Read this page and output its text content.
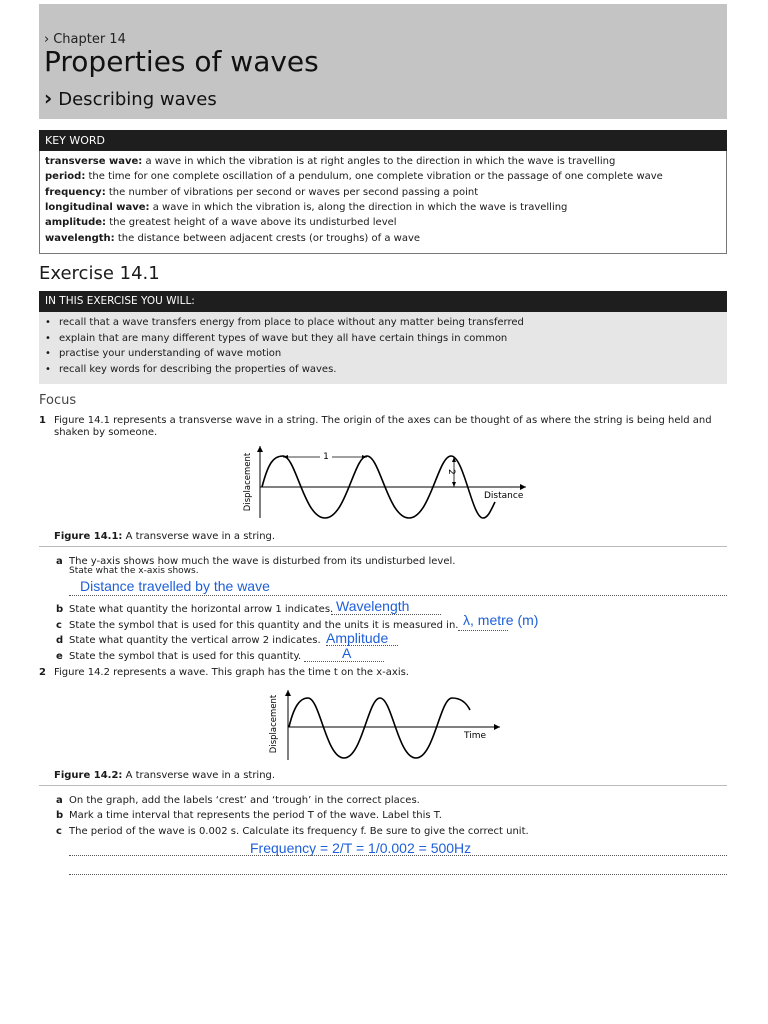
› Chapter 14
Properties of waves
› Describing waves
KEY WORD
transverse wave: a wave in which the vibration is at right angles to the direction in which the wave is travelling
period: the time for one complete oscillation of a pendulum, one complete vibration or the passage of one complete wave
frequency: the number of vibrations per second or waves per second passing a point
longitudinal wave: a wave in which the vibration is, along the direction in which the wave is travelling
amplitude: the greatest height of a wave above its undisturbed level
wavelength: the distance between adjacent crests (or troughs) of a wave
Exercise 14.1
IN THIS EXERCISE YOU WILL:
• recall that a wave transfers energy from place to place without any matter being transferred
• explain that are many different types of wave but they all have certain things in common
• practise your understanding of wave motion
• recall key words for describing the properties of waves.
Focus
1 Figure 14.1 represents a transverse wave in a string. The origin of the axes can be thought of as where the string is being held and
shaken by someone.
1
2
Distance
Displacement
Figure 14.1: A transverse wave in a string.
a The y-axis shows how much the wave is disturbed from its undisturbed level.
State what the x-axis shows.
Distance travelled by the wave
b State what quantity the horizontal arrow 1 indicates. Wavelength
c State the symbol that is used for this quantity and the units it is measured in. λ, metre (m)
d State what quantity the vertical arrow 2 indicates. Amplitude
e State the symbol that is used for this quantity.	A
2 Figure 14.2 represents a wave. This graph has the time t on the x-axis.
Time
Displacement
Figure 14.2: A transverse wave in a string.
a On the graph, add the labels ‘crest’ and ‘trough’ in the correct places.
b Mark a time interval that represents the period T of the wave. Label this T.
c The period of the wave is 0.002 s. Calculate its frequency f. Be sure to give the correct unit.
Frequency = 2/T = 1/0.002 = 500Hz
